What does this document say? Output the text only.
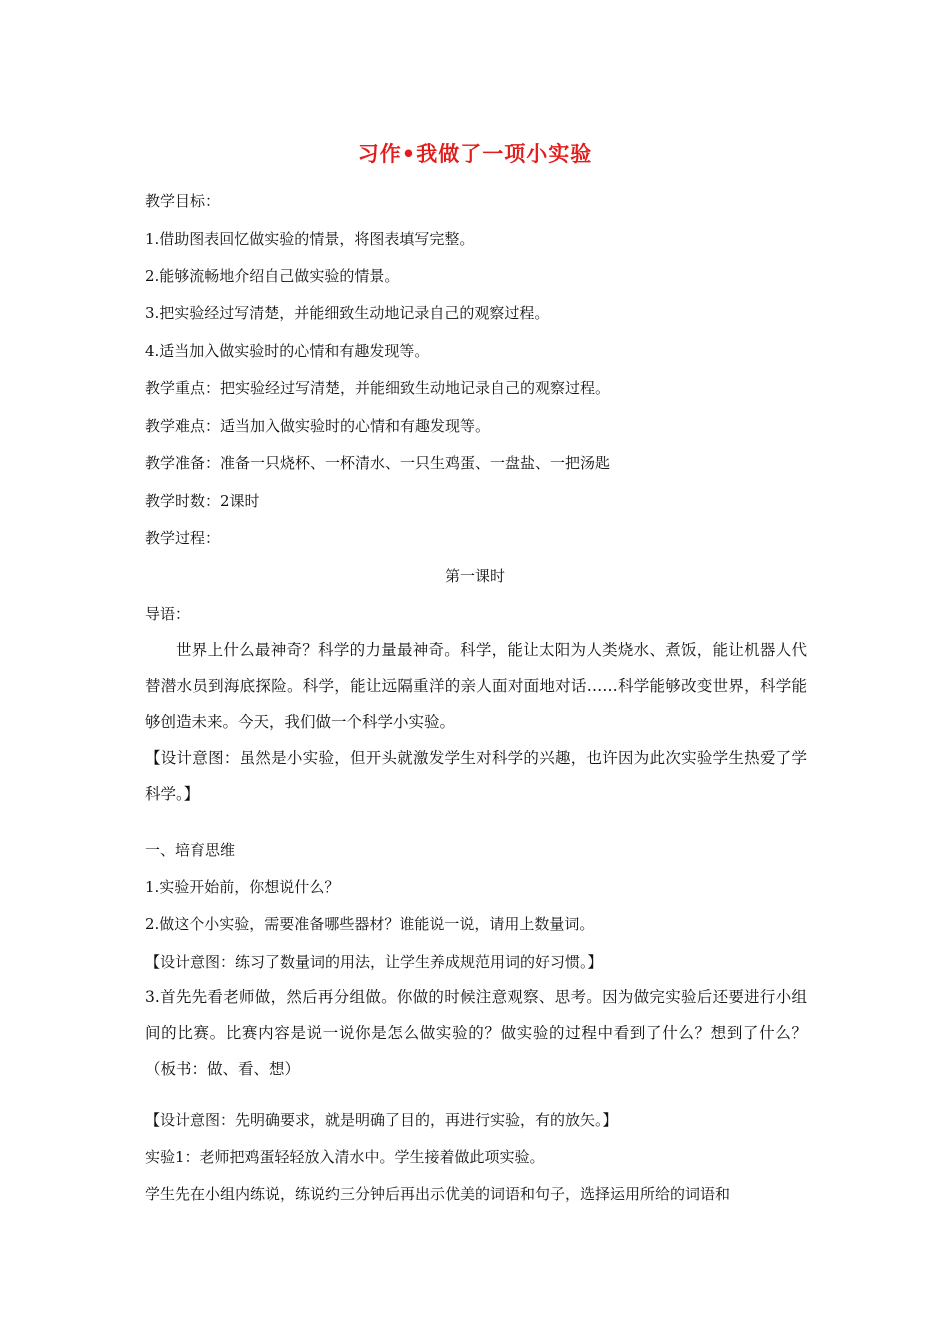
习作•我做了一项小实验
教学目标：
1.借助图表回忆做实验的情景，将图表填写完整。
2.能够流畅地介绍自己做实验的情景。
3.把实验经过写清楚，并能细致生动地记录自己的观察过程。
4.适当加入做实验时的心情和有趣发现等。
教学重点：把实验经过写清楚，并能细致生动地记录自己的观察过程。
教学难点：适当加入做实验时的心情和有趣发现等。
教学准备：准备一只烧杯、一杯清水、一只生鸡蛋、一盘盐、一把汤匙
教学时数：2课时
教学过程：
第一课时
导语：
世界上什么最神奇？科学的力量最神奇。科学，能让太阳为人类烧水、煮饭，能让机器人代替潜水员到海底探险。科学，能让远隔重洋的亲人面对面地对话……科学能够改变世界，科学能够创造未来。今天，我们做一个科学小实验。
【设计意图：虽然是小实验，但开头就激发学生对科学的兴趣，也许因为此次实验学生热爱了学科学。】
一、培育思维
1.实验开始前，你想说什么？
2.做这个小实验，需要准备哪些器材？谁能说一说，请用上数量词。
【设计意图：练习了数量词的用法，让学生养成规范用词的好习惯。】
3.首先先看老师做，然后再分组做。你做的时候注意观察、思考。因为做完实验后还要进行小组间的比赛。比赛内容是说一说你是怎么做实验的？做实验的过程中看到了什么？想到了什么？ （板书：做、看、想）
【设计意图：先明确要求，就是明确了目的，再进行实验，有的放矢。】
实验1：老师把鸡蛋轻轻放入清水中。学生接着做此项实验。
学生先在小组内练说，练说约三分钟后再出示优美的词语和句子，选择运用所给的词语和
